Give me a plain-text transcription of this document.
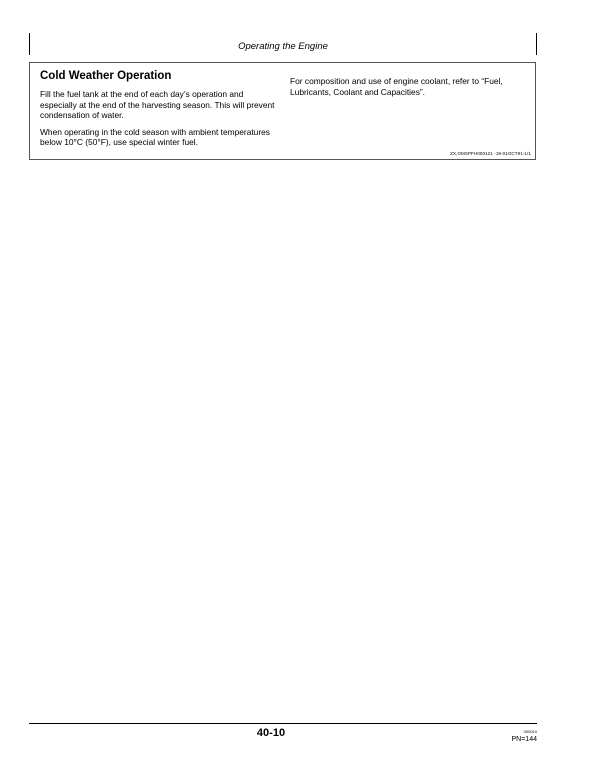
Operating the Engine
Cold Weather Operation

Fill the fuel tank at the end of each day’s operation and especially at the end of the harvesting season. This will prevent condensation of water.

When operating in the cold season with ambient temperatures below 10°C (50°F), use special winter fuel.

For composition and use of engine coolant, refer to “Fuel, Lubricants, Coolant and Capacities”.

ZX,OMSPFH000121 -19-01OCT91-1/1
40-10	000010
PN=144
